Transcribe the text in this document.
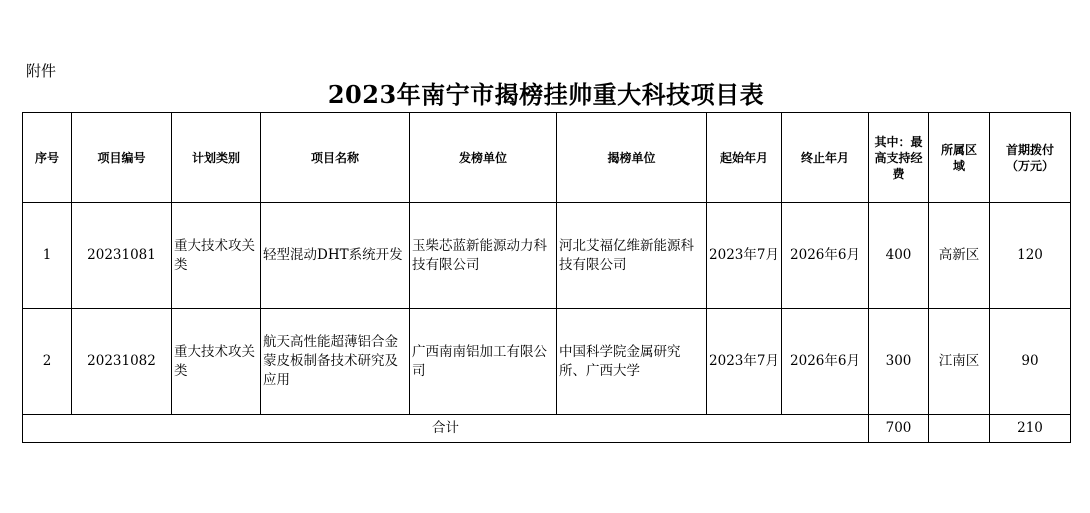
附件
2023年南宁市揭榜挂帅重大科技项目表
序号	项目编号	计划类别	项目名称	发榜单位	揭榜单位	起始年月	终止年月	其中：最高支持经费	所属区域	首期拨付（万元）
1	20231081	重大技术攻关类	轻型混动DHT系统开发	玉柴芯蓝新能源动力科技有限公司	河北艾福亿维新能源科技有限公司	2023年7月	2026年6月	400	高新区	120
2	20231082	重大技术攻关类	航天高性能超薄铝合金蒙皮板制备技术研究及应用	广西南南铝加工有限公司	中国科学院金属研究所、广西大学	2023年7月	2026年6月	300	江南区	90
合计								700		210
